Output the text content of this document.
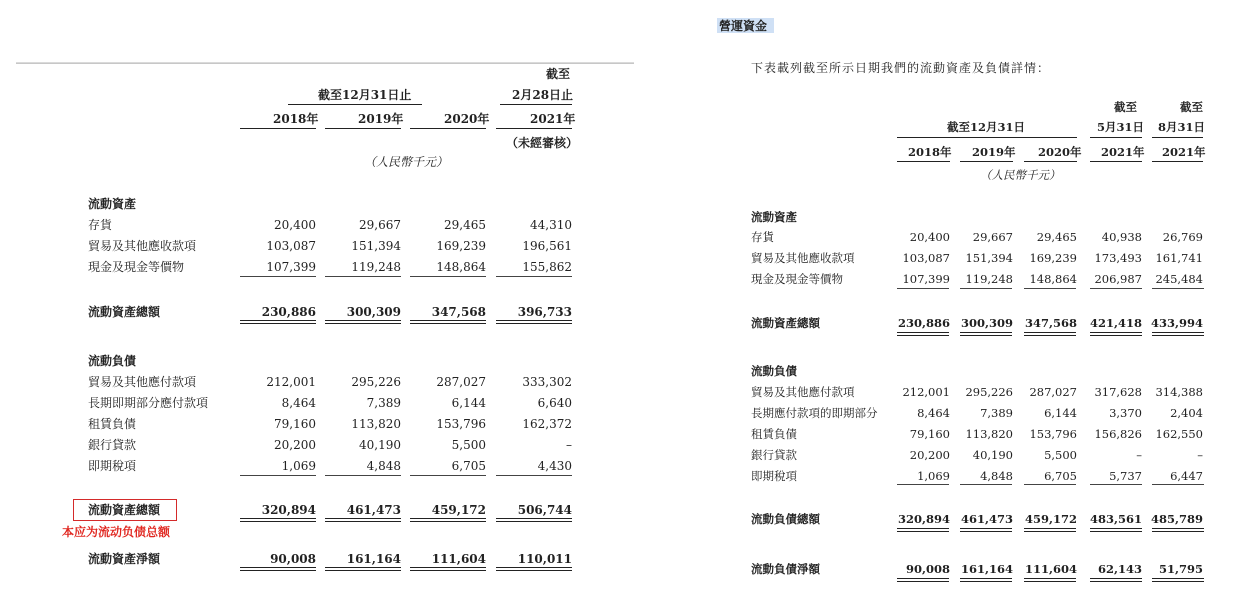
截至
截至12月31日止	2月28日止
2018年	2019年	2020年	2021年
（未經審核）
（人民幣千元）
流動資產
存貨	20,400	29,667	29,465	44,310
貿易及其他應收款項	103,087	151,394	169,239	196,561
現金及現金等價物	107,399	119,248	148,864	155,862
流動資產總額	230,886	300,309	347,568	396,733
流動負債
貿易及其他應付款項	212,001	295,226	287,027	333,302
長期即期部分應付款項	8,464	7,389	6,144	6,640
租賃負債	79,160	113,820	153,796	162,372
銀行貸款	20,200	40,190	5,500	–
即期稅項	1,069	4,848	6,705	4,430
流動資產總額	320,894	461,473	459,172	506,744
流動資產淨額	90,008	161,164	111,604	110,011
本应为流动负债总额
營運資金
下表載列截至所示日期我們的流動資產及負債詳情：
截至	截至
截至12月31日	5月31日 8月31日
2018年 2019年 2020年 2021年 2021年
（人民幣千元）
流動資產
存貨	20,400 29,667 29,465 40,938 26,769
貿易及其他應收款項	103,087 151,394 169,239 173,493 161,741
現金及現金等價物	107,399 119,248 148,864 206,987 245,484
流動資產總額	230,886 300,309 347,568 421,418 433,994
流動負債
貿易及其他應付款項	212,001 295,226 287,027 317,628 314,388
長期應付款項的即期部分	8,464	7,389	6,144	3,370 2,404
租賃負債	79,160 113,820 153,796 156,826 162,550
銀行貸款	20,200 40,190	5,500	–	–
即期稅項	1,069	4,848	6,705	5,737 6,447
流動負債總額	320,894 461,473 459,172 483,561 485,789
流動負債淨額	90,008 161,164 111,604 62,143 51,795
